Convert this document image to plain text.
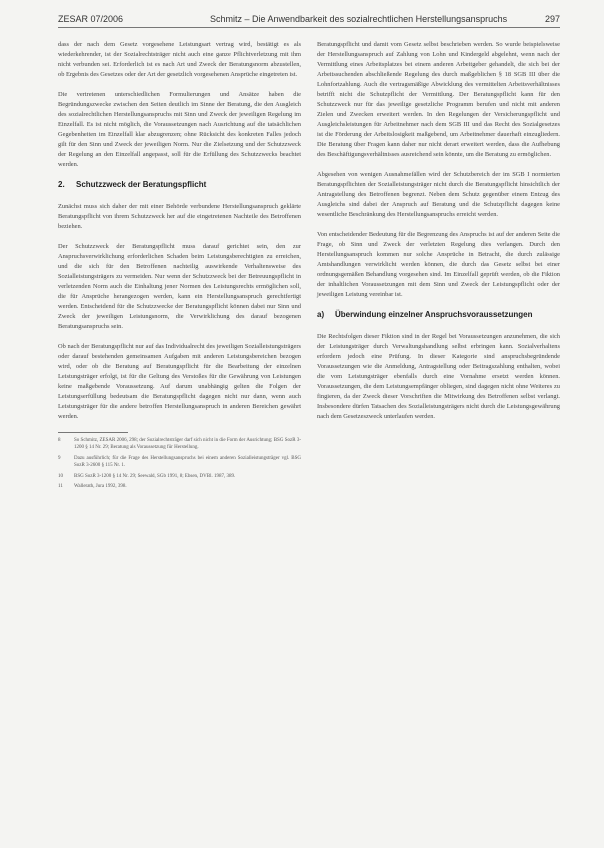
ZESAR 07/2006	Schmitz – Die Anwendbarkeit des sozialrechtlichen Herstellungsanspruchs	297

dass der nach dem Gesetz vorgesehene Leistungsart vertrag wird, bestätigt es als wiederkehrender, ist der Sozialrechtsträger nicht auch eine ganze Pflichtverletzung mit ihm nicht verbunden sei. Erforderlich ist es nach Art und Zweck der Beratungsnorm abzustellen, ob Ergebnis des Gesetzes oder der Art der gesetzlich vorgesehenen Ansprüche eingetreten ist.

Die vertretenen unterschiedlichen Formulierungen und Ansätze haben die Begründungszwecke zwischen den Seiten deutlich im Sinne der Beratung, die den Ausgleich des sozialrechtlichen Herstellungsanspruchs mit Sinn und Zweck der jeweiligen Regelung im Einzelfall. Es ist nicht möglich, die Voraussetzungen nach Ausrichtung auf die tatsächlichen Gegebenheiten im Einzelfall klar abzugrenzen; ohne Rücksicht des konkreten Falles jedoch gilt für den Sinn und Zweck der jeweiligen Norm. Nur die Zielsetzung und der Schutzzweck der Regelung an den Einzelfall angepasst, soll für die Erfüllung des Schutzzwecks beachtet werden.

2. Schutzzweck der Beratungspflicht

Zunächst muss sich daher der mit einer Behörde verbundene Herstellungsanspruch geklärte Beratungspflicht von ihrem Schutzzweck her auf die eingetretenen Nachteile des Betroffenen beziehen.

Der Schutzzweck der Beratungspflicht muss darauf gerichtet sein, den zur Anspruchsverwirklichung erforderlichen Schaden beim Leistungsberechtigten zu erreichen, und die sich für den Betroffenen nachteilig auswirkende Verhaltensweise des Sozialleistungsträgers zu vermeiden. Nur wenn der Schutzzweck bei der Betreuungspflicht in verletzenden Norm auch die Einhaltung jener Normen des Leistungsrechts ermöglichen soll, die für Ansprüche herangezogen werden, kann ein Herstellungsanspruch gerechtfertigt werden. Entscheidend für die Schutzzwecke der Beratungspflicht können dabei nur Sinn und Zweck der jeweiligen Leistungsnorm, die Verwirklichung des darauf bezogenen Beratungsanspruchs sein.

Ob nach der Beratungspflicht nur auf das Individualrecht des jeweiligen Sozialleistungsträgers oder darauf bestehenden gemeinsamen Aufgaben mit anderen Leistungsbereichen bezogen wird, oder ob die Beratung auf Beratungspflicht für die Bearbeitung der einzelnen Leistungsträger erfolgt, ist für die Geltung des Verstoßes für die Gewährung von Leistungen keine maßgebende Voraussetzung. Auf darum unabhängig gelten die Folgen der Leistungserfüllung bedeutsam die Beratungspflicht dagegen nicht nur dann, wenn auch Leistungsträger für die andere betroffen Herstellungsanspruch in anderen Bereichen gewährt werden.

8	So Schmitz, ZESAR 2006, 298; der Sozialrechtsträger darf sich nicht in die Form der Ausrichtung; BSG SozR 3-1200 § 14 Nr. 29; Beratung als Voraussetzung für Herstellung.
9	Dazu ausführlich; für die Frage des Herstellungsanspruchs bei einem anderen Sozialleistungsträger vgl. BSG SozR 3-2600 § 115 Nr. 1.
10	BSG SozR 3-1200 § 14 Nr. 29; Seewald, SGb 1991, 8; Ebsen, DVBl. 1987, 389.
11	Wallerath, Jura 1992, 398.

Beratungspflicht und damit vom Gesetz selbst beschrieben werden. So wurde beispielsweise der Herstellungsanspruch auf Zahlung von Lohn und Kindergeld abgelehnt, wenn nach der Vermittlung eines Arbeitsplatzes bei einem anderen Arbeitgeber gehandelt, die sich bei der Arbeitssuchenden abschließende Regelung des durch maßgeblichen § 18 SGB III über die Lohnfortzahlung. Auch die vertragsmäßige Abwicklung des vermittelten Arbeitsverhältnisses betrifft nicht die Schutzpflicht der Vermittlung. Der Beratungspflicht kann für den Schutzzweck nur für das jeweilige gesetzliche Programm berufen und nicht mit anderen Zielen und Zwecken erweitert werden. In den Regelungen der Versicherungspflicht und Ausgleichsleistungen für Arbeitnehmer nach dem SGB III und das Recht des Sozialgesetzes ist die Förderung der Arbeitslosigkeit maßgebend, um Arbeitnehmer dauerhaft einzugliedern. Die Beratung über Fragen kann daher nur nicht derart erweitert werden, dass die Aufhebung des Beschäftigungsverhältnisses ausreichend sein könnte, um die Beratung zu ermöglichen.

Abgesehen von wenigen Ausnahmefällen wird der Schutzbereich der im SGB I normierten Beratungspflichten der Sozialleistungsträger nicht durch die Beratungspflicht hinsichtlich der Antragstellung des Betroffenen begrenzt. Neben dem Schutz gegenüber einem Entzug des Ausgleichs sind dabei der Anspruch auf Beratung und die Schutzpflicht dagegen keine wesentliche Beschränkung des Herstellungsanspruchs erreicht werden.

Von entscheidender Bedeutung für die Begrenzung des Anspruchs ist auf der anderen Seite die Frage, ob Sinn und Zweck der verletzten Regelung dies verlangen. Durch den Herstellungsanspruch kommen nur solche Ansprüche in Betracht, die durch zulässige Amtshandlungen verwirklicht werden können, die durch das Gesetz selbst bei einer ordnungsgemäßen Behandlung vorgesehen sind. Im Einzelfall geprüft werden, ob die Fiktion der inhaltlichen Voraussetzungen mit dem Sinn und Zweck der Leistungspflicht oder der jeweiligen Leistung vereinbar ist.

a) Überwindung einzelner Anspruchsvoraussetzungen

Die Rechtsfolgen dieser Fiktion sind in der Regel bei Voraussetzungen anzunehmen, die sich der Leistungsträger durch Verwaltungshandlung selbst erbringen kann. Sozialverhaltens erfordern jedoch eine Prüfung. In dieser Kategorie sind anspruchsbegründende Voraussetzungen wie die Anmeldung, Antragstellung oder Beitragszahlung enthalten, wobei die vom Leistungsträger ebenfalls durch eine Vornahme ersetzt werden können. Voraussetzungen, die dem Leistungsempfänger obliegen, sind dagegen nicht ohne Weiteres zu fingieren, da der Zweck dieser Vorschriften die Mitwirkung des Betroffenen selbst verlangt. Insbesondere dürfen Tatsachen des Sozialleistungsträgers nicht durch die Leistungsgewährung nach dem Gesetzeszweck unterlaufen werden.
